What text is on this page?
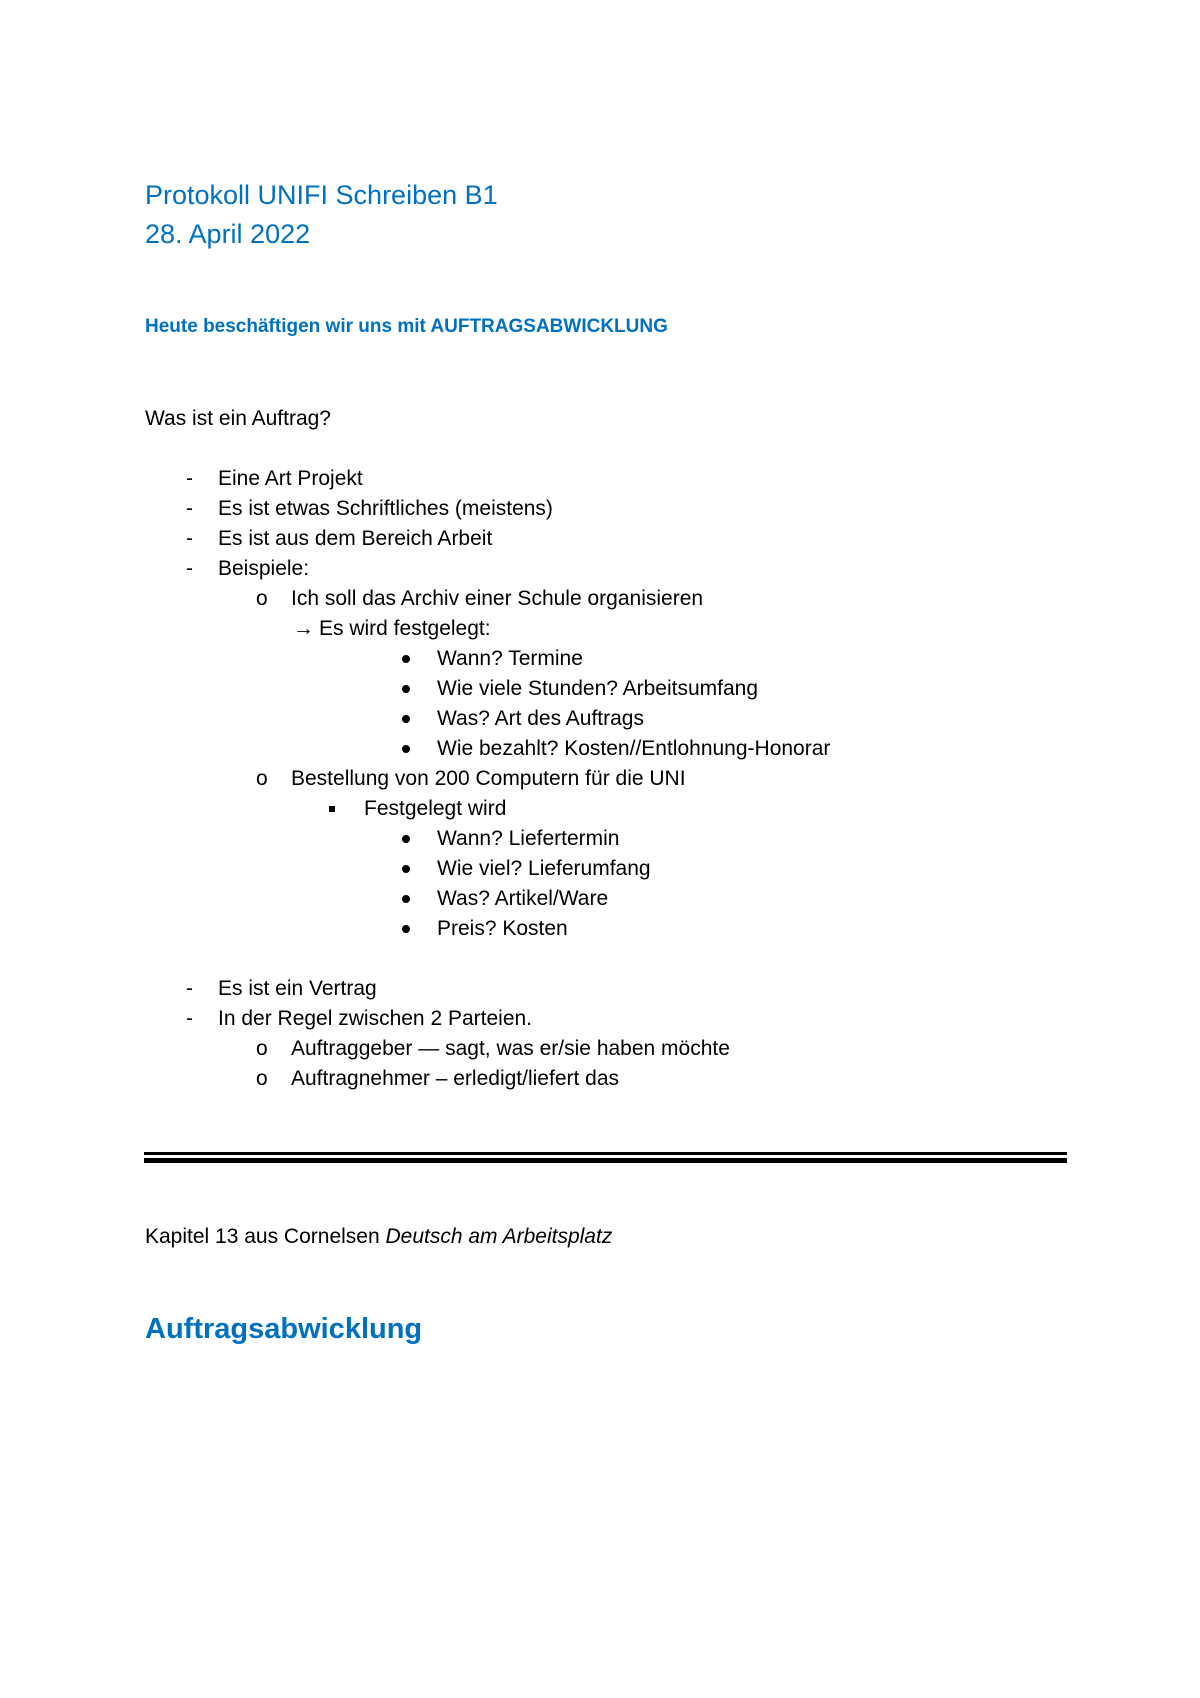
Protokoll UNIFI Schreiben B1
28. April 2022
Heute beschäftigen wir uns mit AUFTRAGSABWICKLUNG
Was ist ein Auftrag?
- Eine Art Projekt
- Es ist etwas Schriftliches (meistens)
- Es ist aus dem Bereich Arbeit
- Beispiele:
o Ich soll das Archiv einer Schule organisieren
→ Es wird festgelegt:
Wann? Termine
Wie viele Stunden? Arbeitsumfang
Was? Art des Auftrags
Wie bezahlt? Kosten//Entlohnung-Honorar
o Bestellung von 200 Computern für die UNI
Festgelegt wird
Wann? Liefertermin
Wie viel? Lieferumfang
Was? Artikel/Ware
Preis? Kosten
- Es ist ein Vertrag
- In der Regel zwischen 2 Parteien.
o Auftraggeber — sagt, was er/sie haben möchte
o Auftragnehmer – erledigt/liefert das
Kapitel 13 aus Cornelsen Deutsch am Arbeitsplatz
Auftragsabwicklung
